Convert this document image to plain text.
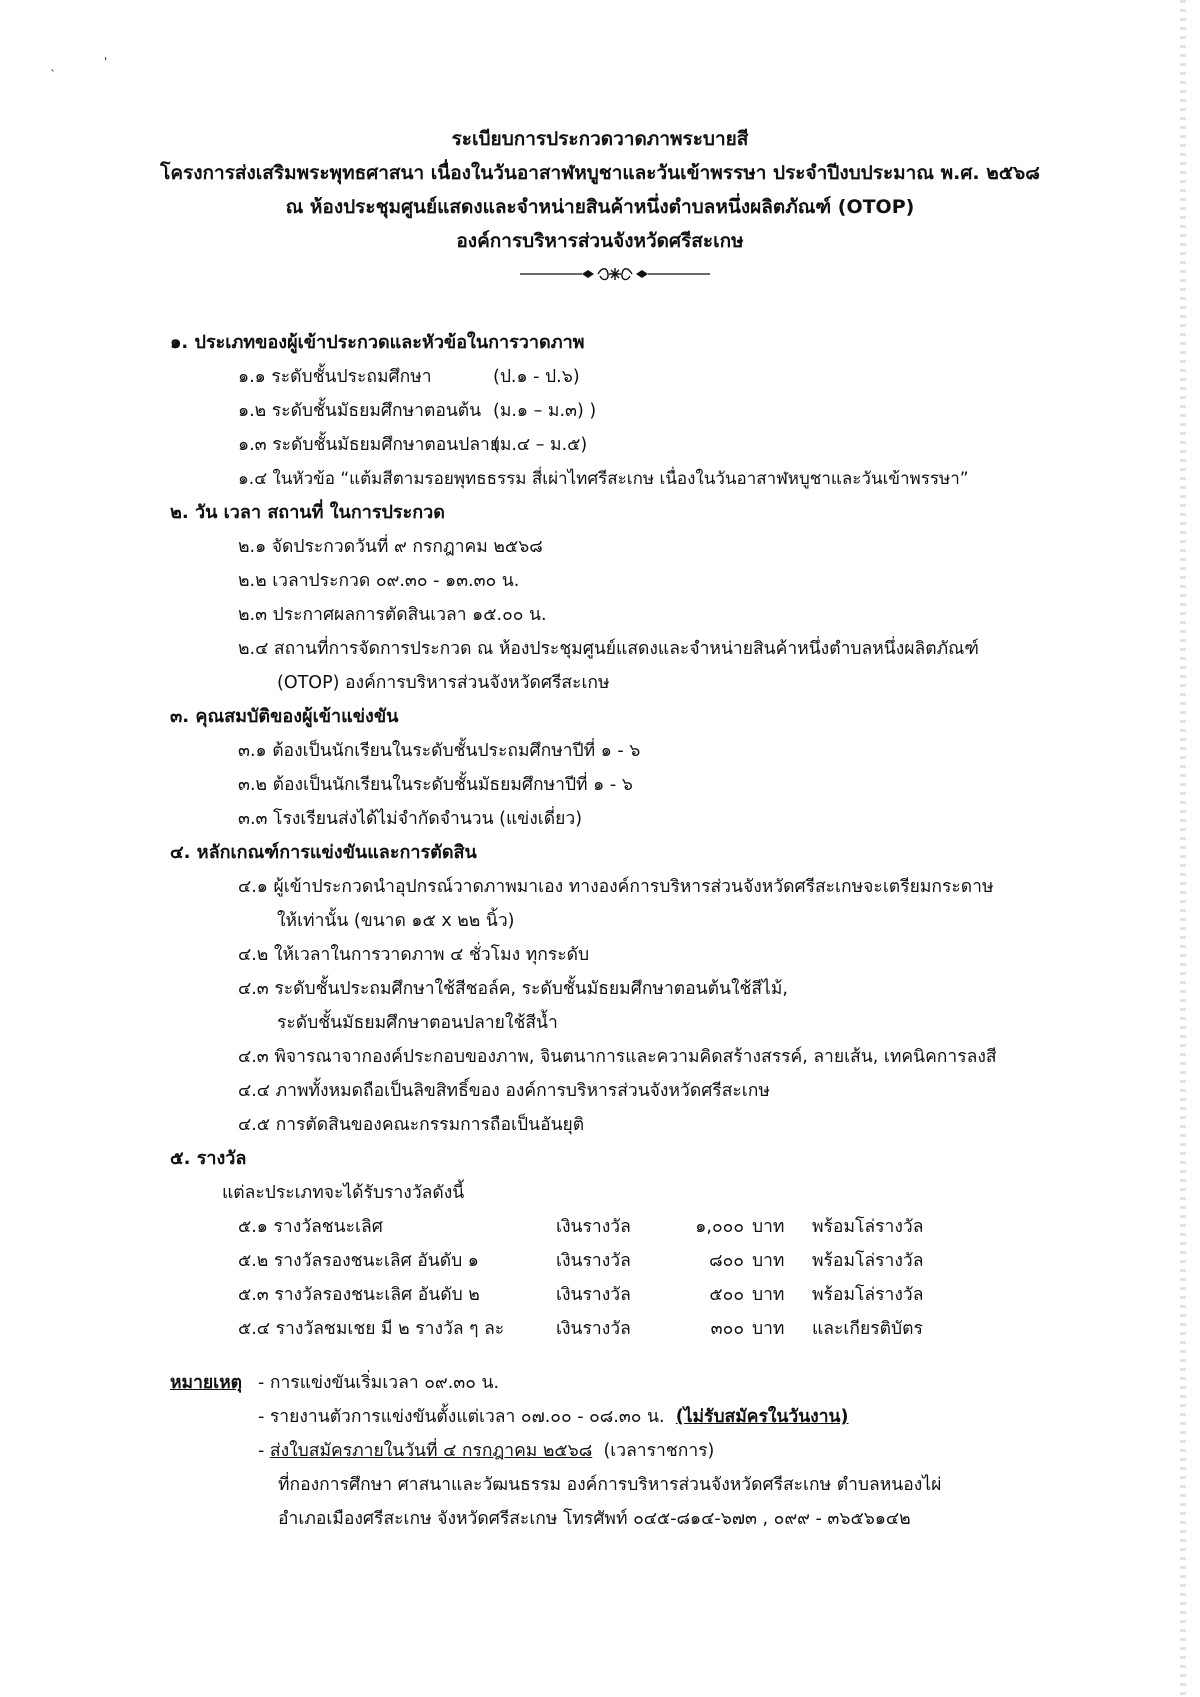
`
'
ระเบียบการประกวดวาดภาพระบายสี
โครงการส่งเสริมพระพุทธศาสนา เนื่องในวันอาสาฬหบูชาและวันเข้าพรรษา ประจำปีงบประมาณ พ.ศ. ๒๕๖๘
ณ ห้องประชุมศูนย์แสดงและจำหน่ายสินค้าหนึ่งตำบลหนึ่งผลิตภัณฑ์ (OTOP)
องค์การบริหารส่วนจังหวัดศรีสะเกษ
๑. ประเภทของผู้เข้าประกวดและหัวข้อในการวาดภาพ
๑.๑ ระดับชั้นประถมศึกษา	(ป.๑ - ป.๖)
๑.๒ ระดับชั้นมัธยมศึกษาตอนต้น (ม.๑ – ม.๓) )
๑.๓ ระดับชั้นมัธยมศึกษาตอนปลาย(ม.๔ – ม.๕)
๑.๔ ในหัวข้อ “แต้มสีตามรอยพุทธธรรม สี่เผ่าไทศรีสะเกษ เนื่องในวันอาสาฬหบูชาและวันเข้าพรรษา”
๒. วัน เวลา สถานที่ ในการประกวด
๒.๑ จัดประกวดวันที่ ๙ กรกฎาคม ๒๕๖๘
๒.๒ เวลาประกวด ๐๙.๓๐ - ๑๓.๓๐ น.
๒.๓ ประกาศผลการตัดสินเวลา ๑๕.๐๐ น.
๒.๔ สถานที่การจัดการประกวด ณ ห้องประชุมศูนย์แสดงและจำหน่ายสินค้าหนึ่งตำบลหนึ่งผลิตภัณฑ์
(OTOP) องค์การบริหารส่วนจังหวัดศรีสะเกษ
๓. คุณสมบัติของผู้เข้าแข่งขัน
๓.๑ ต้องเป็นนักเรียนในระดับชั้นประถมศึกษาปีที่ ๑ - ๖
๓.๒ ต้องเป็นนักเรียนในระดับชั้นมัธยมศึกษาปีที่ ๑ - ๖
๓.๓ โรงเรียนส่งได้ไม่จำกัดจำนวน (แข่งเดี่ยว)
๔. หลักเกณฑ์การแข่งขันและการตัดสิน
๔.๑ ผู้เข้าประกวดนำอุปกรณ์วาดภาพมาเอง ทางองค์การบริหารส่วนจังหวัดศรีสะเกษจะเตรียมกระดาษ
ให้เท่านั้น (ขนาด ๑๕ x ๒๒ นิ้ว)
๔.๒ ให้เวลาในการวาดภาพ ๔ ชั่วโมง ทุกระดับ
๔.๓ ระดับชั้นประถมศึกษาใช้สีชอล์ค, ระดับชั้นมัธยมศึกษาตอนต้นใช้สีไม้,
ระดับชั้นมัธยมศึกษาตอนปลายใช้สีน้ำ
๔.๓ พิจารณาจากองค์ประกอบของภาพ, จินตนาการและความคิดสร้างสรรค์, ลายเส้น, เทคนิคการลงสี
๔.๔ ภาพทั้งหมดถือเป็นลิขสิทธิ์ของ องค์การบริหารส่วนจังหวัดศรีสะเกษ
๔.๕ การตัดสินของคณะกรรมการถือเป็นอันยุติ
๕. รางวัล
แต่ละประเภทจะได้รับรางวัลดังนี้
๕.๑ รางวัลชนะเลิศ	เงินรางวัล	๑,๐๐๐ บาท พร้อมโล่รางวัล
๕.๒ รางวัลรองชนะเลิศ อันดับ ๑	เงินรางวัล	๘๐๐ บาท พร้อมโล่รางวัล
๕.๓ รางวัลรองชนะเลิศ อันดับ ๒	เงินรางวัล	๕๐๐ บาท พร้อมโล่รางวัล
๕.๔ รางวัลชมเชย มี ๒ รางวัล ๆ ละ	เงินรางวัล	๓๐๐ บาท และเกียรติบัตร
หมายเหตุ - การแข่งขันเริ่มเวลา ๐๙.๓๐ น.
- รายงานตัวการแข่งขันตั้งแต่เวลา ๐๗.๐๐ - ๐๘.๓๐ น. (ไม่รับสมัครในวันงาน)
- ส่งใบสมัครภายในวันที่ ๔ กรกฎาคม ๒๕๖๘ (เวลาราชการ)
ที่กองการศึกษา ศาสนาและวัฒนธรรม องค์การบริหารส่วนจังหวัดศรีสะเกษ ตำบลหนองไผ่
อำเภอเมืองศรีสะเกษ จังหวัดศรีสะเกษ โทรศัพท์ ๐๔๕-๘๑๔-๖๗๓ , ๐๙๙ - ๓๖๕๖๑๔๒
